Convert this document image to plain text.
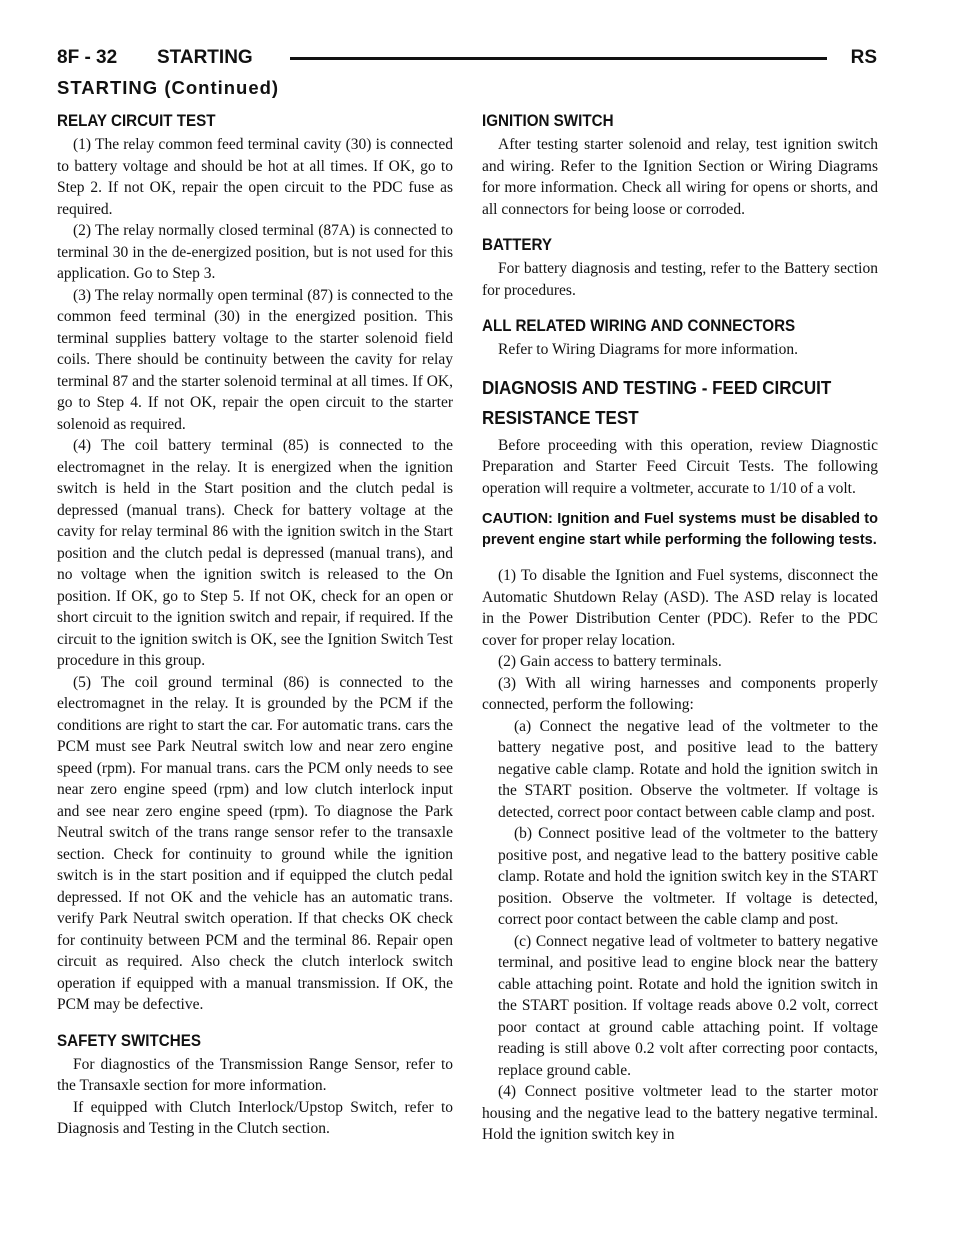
8F - 32 STARTING	RS
STARTING (Continued)
RELAY CIRCUIT TEST

(1) The relay common feed terminal cavity (30) is connected to battery voltage and should be hot at all times. If OK, go to Step 2. If not OK, repair the open circuit to the PDC fuse as required.

(2) The relay normally closed terminal (87A) is connected to terminal 30 in the de-energized position, but is not used for this application. Go to Step 3.

(3) The relay normally open terminal (87) is connected to the common feed terminal (30) in the energized position. This terminal supplies battery voltage to the starter solenoid field coils. There should be continuity between the cavity for relay terminal 87 and the starter solenoid terminal at all times. If OK, go to Step 4. If not OK, repair the open circuit to the starter solenoid as required.

(4) The coil battery terminal (85) is connected to the electromagnet in the relay. It is energized when the ignition switch is held in the Start position and the clutch pedal is depressed (manual trans). Check for battery voltage at the cavity for relay terminal 86 with the ignition switch in the Start position and the clutch pedal is depressed (manual trans), and no voltage when the ignition switch is released to the On position. If OK, go to Step 5. If not OK, check for an open or short circuit to the ignition switch and repair, if required. If the circuit to the ignition switch is OK, see the Ignition Switch Test procedure in this group.

(5) The coil ground terminal (86) is connected to the electromagnet in the relay. It is grounded by the PCM if the conditions are right to start the car. For automatic trans. cars the PCM must see Park Neutral switch low and near zero engine speed (rpm). For manual trans. cars the PCM only needs to see near zero engine speed (rpm) and low clutch interlock input and see near zero engine speed (rpm). To diagnose the Park Neutral switch of the trans range sensor refer to the transaxle section. Check for continuity to ground while the ignition switch is in the start position and if equipped the clutch pedal depressed. If not OK and the vehicle has an automatic trans. verify Park Neutral switch operation. If that checks OK check for continuity between PCM and the terminal 86. Repair open circuit as required. Also check the clutch interlock switch operation if equipped with a manual transmission. If OK, the PCM may be defective.

SAFETY SWITCHES

For diagnostics of the Transmission Range Sensor, refer to the Transaxle section for more information.

If equipped with Clutch Interlock/Upstop Switch, refer to Diagnosis and Testing in the Clutch section.

IGNITION SWITCH

After testing starter solenoid and relay, test ignition switch and wiring. Refer to the Ignition Section or Wiring Diagrams for more information. Check all wiring for opens or shorts, and all connectors for being loose or corroded.

BATTERY

For battery diagnosis and testing, refer to the Battery section for procedures.

ALL RELATED WIRING AND CONNECTORS

Refer to Wiring Diagrams for more information.

DIAGNOSIS AND TESTING - FEED CIRCUIT
RESISTANCE TEST

Before proceeding with this operation, review Diagnostic Preparation and Starter Feed Circuit Tests. The following operation will require a voltmeter, accurate to 1/10 of a volt.

CAUTION: Ignition and Fuel systems must be disabled to prevent engine start while performing the following tests.

(1) To disable the Ignition and Fuel systems, disconnect the Automatic Shutdown Relay (ASD). The ASD relay is located in the Power Distribution Center (PDC). Refer to the PDC cover for proper relay location.

(2) Gain access to battery terminals.

(3) With all wiring harnesses and components properly connected, perform the following:

(a) Connect the negative lead of the voltmeter to the battery negative post, and positive lead to the battery negative cable clamp. Rotate and hold the ignition switch in the START position. Observe the voltmeter. If voltage is detected, correct poor contact between cable clamp and post.

(b) Connect positive lead of the voltmeter to the battery positive post, and negative lead to the battery positive cable clamp. Rotate and hold the ignition switch key in the START position. Observe the voltmeter. If voltage is detected, correct poor contact between the cable clamp and post.

(c) Connect negative lead of voltmeter to battery negative terminal, and positive lead to engine block near the battery cable attaching point. Rotate and hold the ignition switch in the START position. If voltage reads above 0.2 volt, correct poor contact at ground cable attaching point. If voltage reading is still above 0.2 volt after correcting poor contacts, replace ground cable.

(4) Connect positive voltmeter lead to the starter motor housing and the negative lead to the battery negative terminal. Hold the ignition switch key in
